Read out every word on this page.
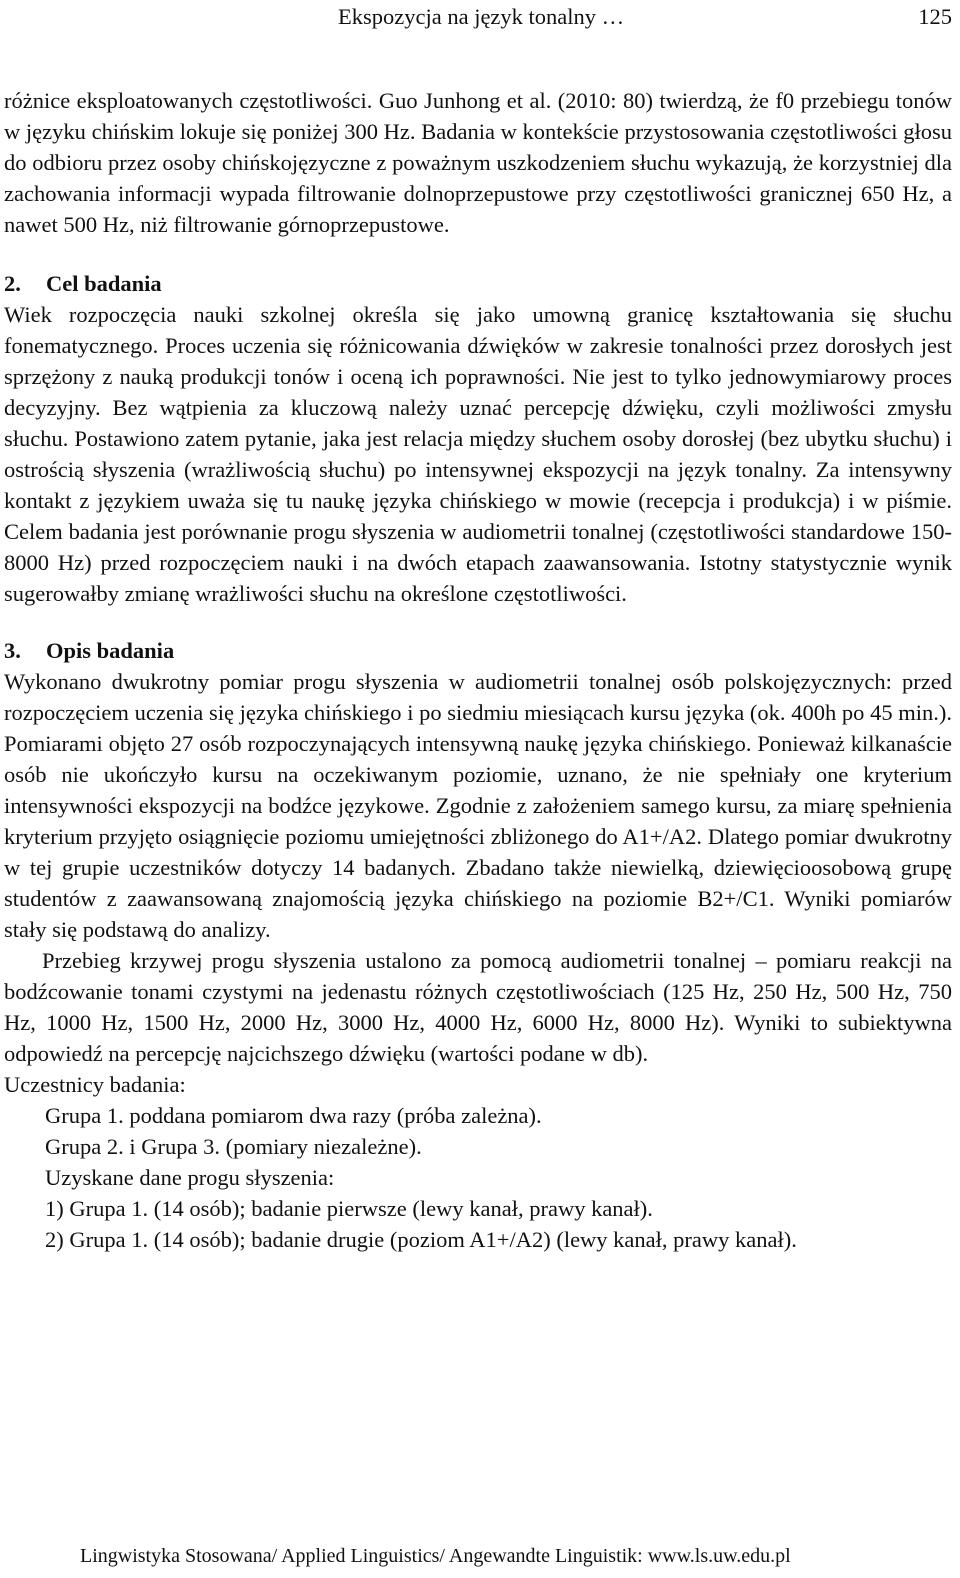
Ekspozycja na język tonalny …	125

różnice eksploatowanych częstotliwości. Guo Junhong et al. (2010: 80) twierdzą, że f0 przebiegu tonów w języku chińskim lokuje się poniżej 300 Hz. Badania w kontekście przystosowania częstotliwości głosu do odbioru przez osoby chińskojęzyczne z poważnym uszkodzeniem słuchu wykazują, że korzystniej dla zachowania informacji wypada filtrowanie dolnoprzepustowe przy częstotliwości granicznej 650 Hz, a nawet 500 Hz, niż filtrowanie górnoprzepustowe.

2. Cel badania

Wiek rozpoczęcia nauki szkolnej określa się jako umowną granicę kształtowania się słuchu fonematycznego. Proces uczenia się różnicowania dźwięków w zakresie tonalności przez dorosłych jest sprzężony z nauką produkcji tonów i oceną ich poprawności. Nie jest to tylko jednowymiarowy proces decyzyjny. Bez wątpienia za kluczową należy uznać percepcję dźwięku, czyli możliwości zmysłu słuchu. Postawiono zatem pytanie, jaka jest relacja między słuchem osoby dorosłej (bez ubytku słuchu) i ostrością słyszenia (wrażliwością słuchu) po intensywnej ekspozycji na język tonalny. Za intensywny kontakt z językiem uważa się tu naukę języka chińskiego w mowie (recepcja i produkcja) i w piśmie. Celem badania jest porównanie progu słyszenia w audiometrii tonalnej (częstotliwości standardowe 150-8000 Hz) przed rozpoczęciem nauki i na dwóch etapach zaawansowania. Istotny statystycznie wynik sugerowałby zmianę wrażliwości słuchu na określone częstotliwości.

3. Opis badania

Wykonano dwukrotny pomiar progu słyszenia w audiometrii tonalnej osób polskojęzycznych: przed rozpoczęciem uczenia się języka chińskiego i po siedmiu miesiącach kursu języka (ok. 400h po 45 min.). Pomiarami objęto 27 osób rozpoczynających intensywną naukę języka chińskiego. Ponieważ kilkanaście osób nie ukończyło kursu na oczekiwanym poziomie, uznano, że nie spełniały one kryterium intensywności ekspozycji na bodźce językowe. Zgodnie z założeniem samego kursu, za miarę spełnienia kryterium przyjęto osiągnięcie poziomu umiejętności zbliżonego do A1+/A2. Dlatego pomiar dwukrotny w tej grupie uczestników dotyczy 14 badanych. Zbadano także niewielką, dziewięcioosobową grupę studentów z zaawansowaną znajomością języka chińskiego na poziomie B2+/C1. Wyniki pomiarów stały się podstawą do analizy.

Przebieg krzywej progu słyszenia ustalono za pomocą audiometrii tonalnej – pomiaru reakcji na bodźcowanie tonami czystymi na jedenastu różnych częstotliwościach (125 Hz, 250 Hz, 500 Hz, 750 Hz, 1000 Hz, 1500 Hz, 2000 Hz, 3000 Hz, 4000 Hz, 6000 Hz, 8000 Hz). Wyniki to subiektywna odpowiedź na percepcję najcichszego dźwięku (wartości podane w db).

Uczestnicy badania:

Grupa 1. poddana pomiarom dwa razy (próba zależna).

Grupa 2. i Grupa 3. (pomiary niezależne).

Uzyskane dane progu słyszenia:

1) Grupa 1. (14 osób); badanie pierwsze (lewy kanał, prawy kanał).

2) Grupa 1. (14 osób); badanie drugie (poziom A1+/A2) (lewy kanał, prawy kanał).

Lingwistyka Stosowana/ Applied Linguistics/ Angewandte Linguistik: www.ls.uw.edu.pl
